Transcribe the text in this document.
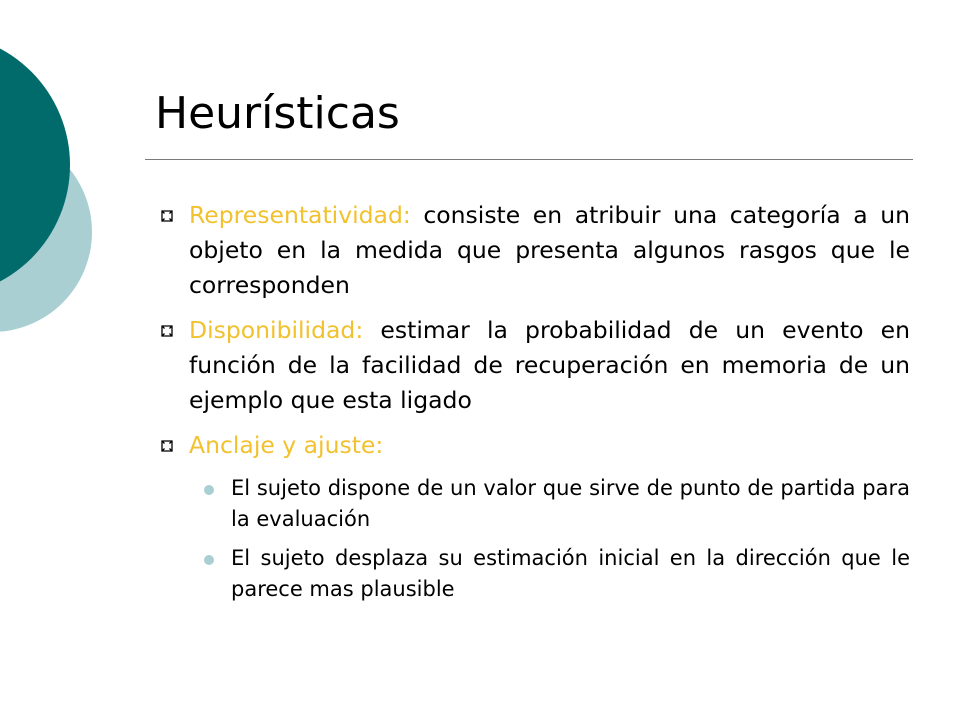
Heurísticas
Representatividad: consiste en atribuir una categoría a un objeto en la medida que presenta algunos rasgos que le corresponden
Disponibilidad: estimar la probabilidad de un evento en función de la facilidad de recuperación en memoria de un ejemplo que esta ligado
Anclaje y ajuste:
El sujeto dispone de un valor que sirve de punto de partida para la evaluación
El sujeto desplaza su estimación inicial en la dirección que le parece mas plausible
